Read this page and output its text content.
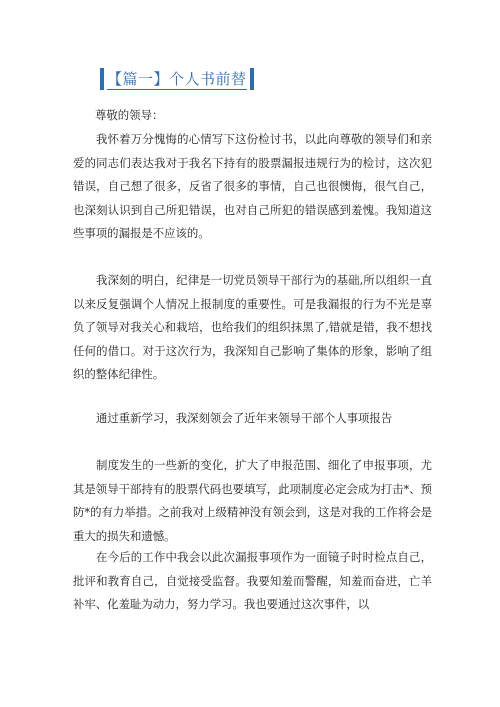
【篇一】个人书前替
尊敬的领导：

我怀着万分愧悔的心情写下这份检讨书，以此向尊敬的领导们和亲爱的同志们表达我对于我名下持有的股票漏报违规行为的检讨，这次犯错误，自己想了很多，反省了很多的事情，自己也很懊悔，很气自己，也深刻认识到自己所犯错误，也对自己所犯的错误感到羞愧。我知道这些事项的漏报是不应该的。

我深刻的明白，纪律是一切党员领导干部行为的基础,所以组织一直以来反复强调个人情况上报制度的重要性。可是我漏报的行为不光是辜负了领导对我关心和栽培，也给我们的组织抹黑了,错就是错，我不想找任何的借口。对于这次行为，我深知自己影响了集体的形象，影响了组织的整体纪律性。

通过重新学习，我深刻领会了近年来领导干部个人事项报告

制度发生的一些新的变化，扩大了申报范围、细化了申报事项，尤其是领导干部持有的股票代码也要填写，此项制度必定会成为打击*、预防*的有力举措。之前我对上级精神没有领会到，这是对我的工作将会是重大的损失和遗憾。

在今后的工作中我会以此次漏报事项作为一面镜子时时检点自己，批评和教育自己，自觉接受监督。我要知羞而警醒，知羞而奋进，亡羊补牢、化羞耻为动力，努力学习。我也要通过这次事件，以
